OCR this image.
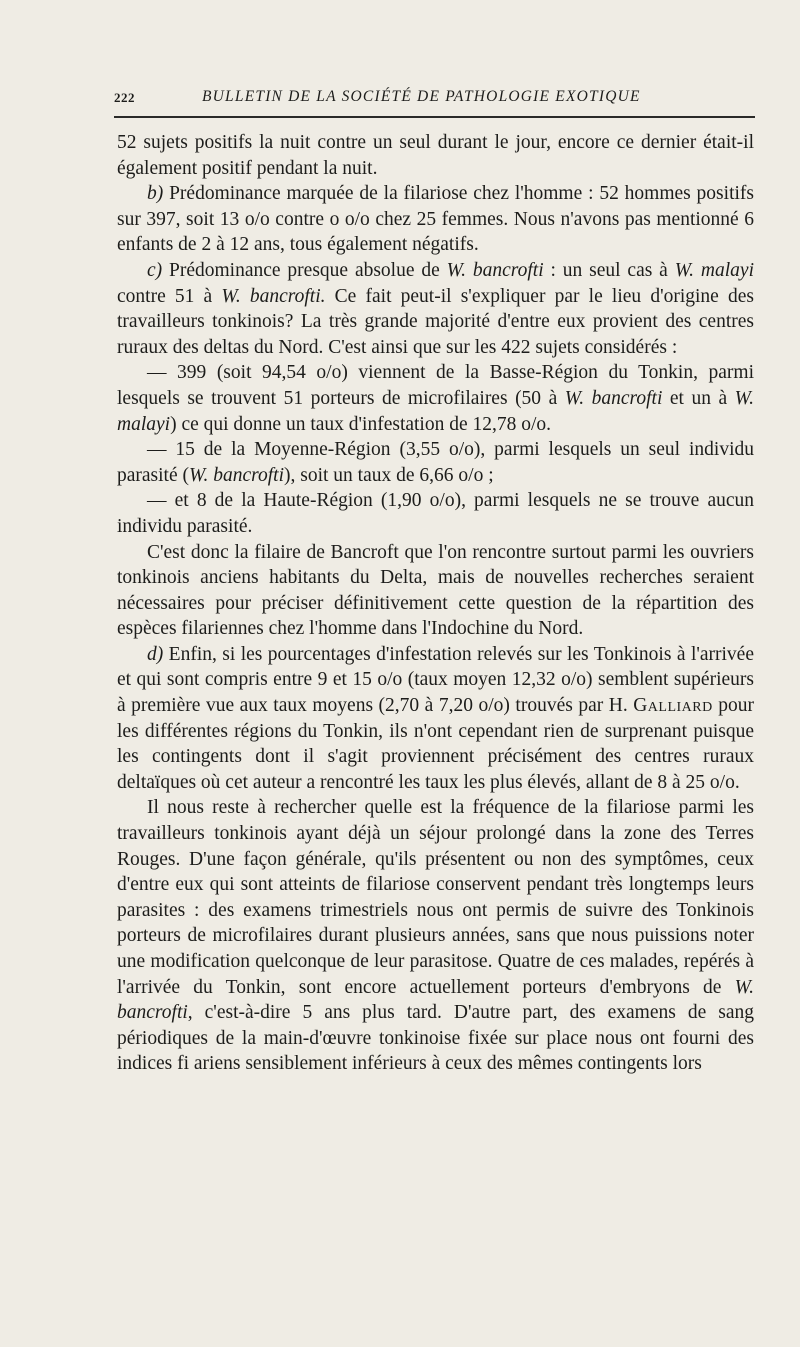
222	BULLETIN DE LA SOCIÉTÉ DE PATHOLOGIE EXOTIQUE

52 sujets positifs la nuit contre un seul durant le jour, encore ce dernier était-il également positif pendant la nuit.

b) Prédominance marquée de la filariose chez l'homme : 52 hommes positifs sur 397, soit 13 o/o contre o o/o chez 25 femmes. Nous n'avons pas mentionné 6 enfants de 2 à 12 ans, tous également négatifs.

c) Prédominance presque absolue de W. bancrofti : un seul cas à W. malayi contre 51 à W. bancrofti. Ce fait peut-il s'expliquer par le lieu d'origine des travailleurs tonkinois? La très grande majorité d'entre eux provient des centres ruraux des deltas du Nord. C'est ainsi que sur les 422 sujets considérés :

— 399 (soit 94,54 o/o) viennent de la Basse-Région du Tonkin, parmi lesquels se trouvent 51 porteurs de microfilaires (50 à W. bancrofti et un à W. malayi) ce qui donne un taux d'infestation de 12,78 o/o.

— 15 de la Moyenne-Région (3,55 o/o), parmi lesquels un seul individu parasité (W. bancrofti), soit un taux de 6,66 o/o ;

— et 8 de la Haute-Région (1,90 o/o), parmi lesquels ne se trouve aucun individu parasité.

C'est donc la filaire de Bancroft que l'on rencontre surtout parmi les ouvriers tonkinois anciens habitants du Delta, mais de nouvelles recherches seraient nécessaires pour préciser définitivement cette question de la répartition des espèces filariennes chez l'homme dans l'Indochine du Nord.

d) Enfin, si les pourcentages d'infestation relevés sur les Tonkinois à l'arrivée et qui sont compris entre 9 et 15 o/o (taux moyen 12,32 o/o) semblent supérieurs à première vue aux taux moyens (2,70 à 7,20 o/o) trouvés par H. Galliard pour les différentes régions du Tonkin, ils n'ont cependant rien de surprenant puisque les contingents dont il s'agit proviennent précisément des centres ruraux deltaïques où cet auteur a rencontré les taux les plus élevés, allant de 8 à 25 o/o.

Il nous reste à rechercher quelle est la fréquence de la filariose parmi les travailleurs tonkinois ayant déjà un séjour prolongé dans la zone des Terres Rouges. D'une façon générale, qu'ils présentent ou non des symptômes, ceux d'entre eux qui sont atteints de filariose conservent pendant très longtemps leurs parasites : des examens trimestriels nous ont permis de suivre des Tonkinois porteurs de microfilaires durant plusieurs années, sans que nous puissions noter une modification quelconque de leur parasitose. Quatre de ces malades, repérés à l'arrivée du Tonkin, sont encore actuellement porteurs d'embryons de W. bancrofti, c'est-à-dire 5 ans plus tard. D'autre part, des examens de sang périodiques de la main-d'œuvre tonkinoise fixée sur place nous ont fourni des indices fi ariens sensiblement inférieurs à ceux des mêmes contingents lors
